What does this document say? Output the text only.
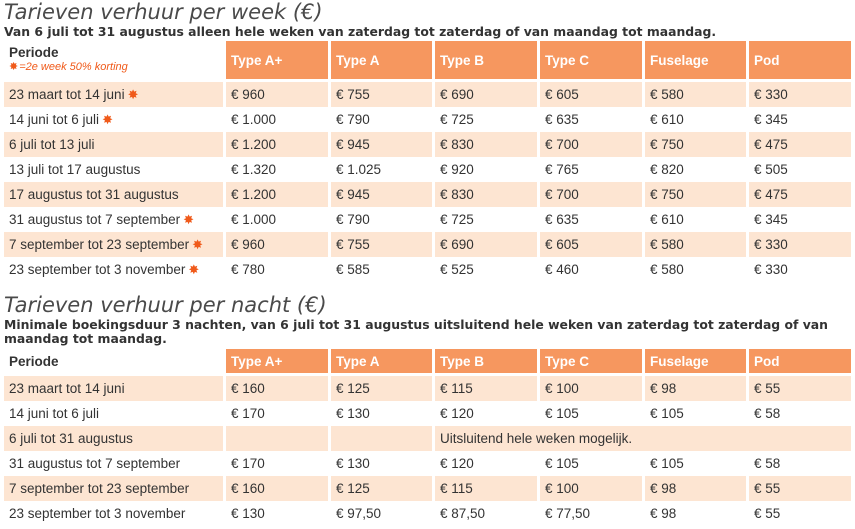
Tarieven verhuur per week (€)
Van 6 juli tot 31 augustus alleen hele weken van zaterdag tot zaterdag of van maandag tot maandag.
Periode
✸=2e week 50% korting	Type A+	Type A	Type B	Type C	Fuselage	Pod
23 maart tot 14 juni ✸	€ 960	€ 755	€ 690	€ 605	€ 580	€ 330
14 juni tot 6 juli ✸	€ 1.000	€ 790	€ 725	€ 635	€ 610	€ 345
6 juli tot 13 juli	€ 1.200	€ 945	€ 830	€ 700	€ 750	€ 475
13 juli tot 17 augustus	€ 1.320	€ 1.025	€ 920	€ 765	€ 820	€ 505
17 augustus tot 31 augustus	€ 1.200	€ 945	€ 830	€ 700	€ 750	€ 475
31 augustus tot 7 september ✸	€ 1.000	€ 790	€ 725	€ 635	€ 610	€ 345
7 september tot 23 september ✸	€ 960	€ 755	€ 690	€ 605	€ 580	€ 330
23 september tot 3 november ✸	€ 780	€ 585	€ 525	€ 460	€ 580	€ 330
Tarieven verhuur per nacht (€)
Minimale boekingsduur 3 nachten, van 6 juli tot 31 augustus uitsluitend hele weken van zaterdag tot zaterdag of van maandag tot maandag.
Periode	Type A+	Type A	Type B	Type C	Fuselage	Pod
23 maart tot 14 juni	€ 160	€ 125	€ 115	€ 100	€ 98	€ 55
14 juni tot 6 juli	€ 170	€ 130	€ 120	€ 105	€ 105	€ 58
6 juli tot 31 augustus			Uitsluitend hele weken mogelijk.			
31 augustus tot 7 september	€ 170	€ 130	€ 120	€ 105	€ 105	€ 58
7 september tot 23 september	€ 160	€ 125	€ 115	€ 100	€ 98	€ 55
23 september tot 3 november	€ 130	€ 97,50	€ 87,50	€ 77,50	€ 98	€ 55
